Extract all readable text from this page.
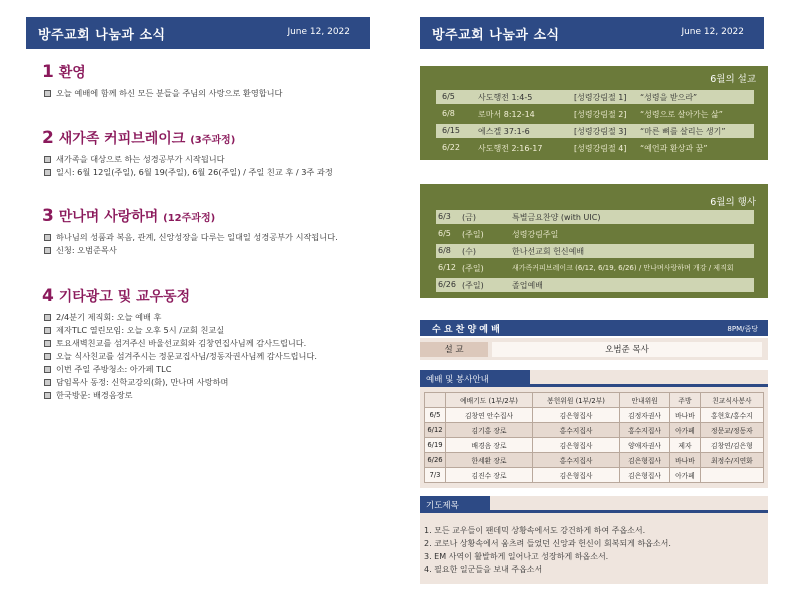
방주교회 나눔과 소식	June 12, 2022
1 환영
오늘 예배에 함께 하신 모든 분들을 주님의 사랑으로 환영합니다
2 새가족 커피브레이크 (3주과정)
새가족을 대상으로 하는 성경공부가 시작됩니다
일시: 6월 12일(주일), 6월 19(주일), 6월 26(주일) / 주일 친교 후 / 3주 과정
3 만나며 사랑하며 (12주과정)
하나님의 성품과 복음, 관계, 신앙성장을 다루는 일대일 성경공부가 시작됩니다.
신청: 오범준목사
4 기타광고 및 교우동정
2/4분기 제직회: 오늘 예배 후
제자TLC 열린모임: 오늘 오후 5시 /교회 친교실
토요새벽친교를 섬겨주신 바울선교회와 김창연집사님께 감사드립니다.
오늘 식사친교를 섬겨주시는 정문교집사님/정동자권사님께 감사드립니다.
이번 주일 주방청소: 아가페 TLC
담임목사 동정: 신학교강의(화), 만나며 사랑하며
한국방문: 배경음장로
방주교회 나눔과 소식	June 12, 2022
6월의 설교
6/5	사도행전 1:4-5	[성령강림절 1] “성령을 받으라”
6/8	로마서 8:12-14	[성령강림절 2] “성령으로 살아가는 삶”
6/15 에스겔 37:1-6	[성령강림절 3] “마른 뼈를 살리는 생기”
6/22 사도행전 2:16-17	[성령강림절 4] “예언과 환상과 꿈”
6월의 행사
6/3 (금)	특별금요찬양 (with UIC)
6/5 (주일)	성령강림주일
6/8 (수)	한나선교회 헌신예배
6/12 (주일)	새가족커피브레이크 (6/12, 6/19, 6/26) / 만나며사랑하며 개강 / 제직회
6/26 (주일)	졸업예배
수 요 찬 양 예 배	8PM/줌당
설 교	오범준 목사
예배 및 봉사안내
	예배기도 (1부/2부)	봉헌위원 (1부/2부)	안내위원	주방	친교식사봉사
6/5	김창연 안수집사	김은형집사	김정자권사	바나바	홍현호/홍수지
6/12	김기홍 장로	홍수지집사	홍수지집사	아가페	정문교/정동자
6/19	배경음 장로	김은형집사	양애자권사	제자	김창연/김은형
6/26	한세환 장로	홍수지집사	김은형집사	바나바	최정수/지연화
7/3	김진수 장로	김은형집사	김은형집사	아가페	
기도제목
1. 모든 교우들이 팬데믹 상황속에서도 강건하게 하여 주옵소서.
2. 코로나 상황속에서 움츠려 들었던 신앙과 헌신이 회복되게 하옵소서.
3. EM 사역이 활발하게 일어나고 성장하게 하옵소서.
4. 필요한 일군들을 보내 주옵소서
